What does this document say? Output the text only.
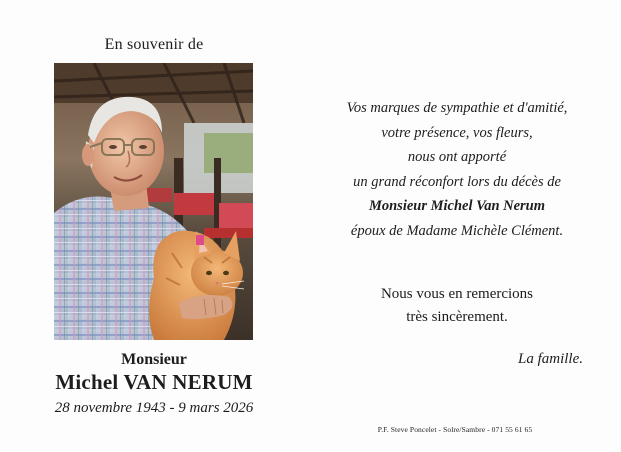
En souvenir de
Monsieur
Michel VAN NERUM
28 novembre 1943 - 9 mars 2026
Vos marques de sympathie et d'amitié,
votre présence, vos fleurs,
nous ont apporté
un grand réconfort lors du décès de
Monsieur Michel Van Nerum
époux de Madame Michèle Clément.
Nous vous en remercions
très sincèrement.
La famille.
P.F. Steve Poncelet - Solre/Sambre - 071 55 61 65
